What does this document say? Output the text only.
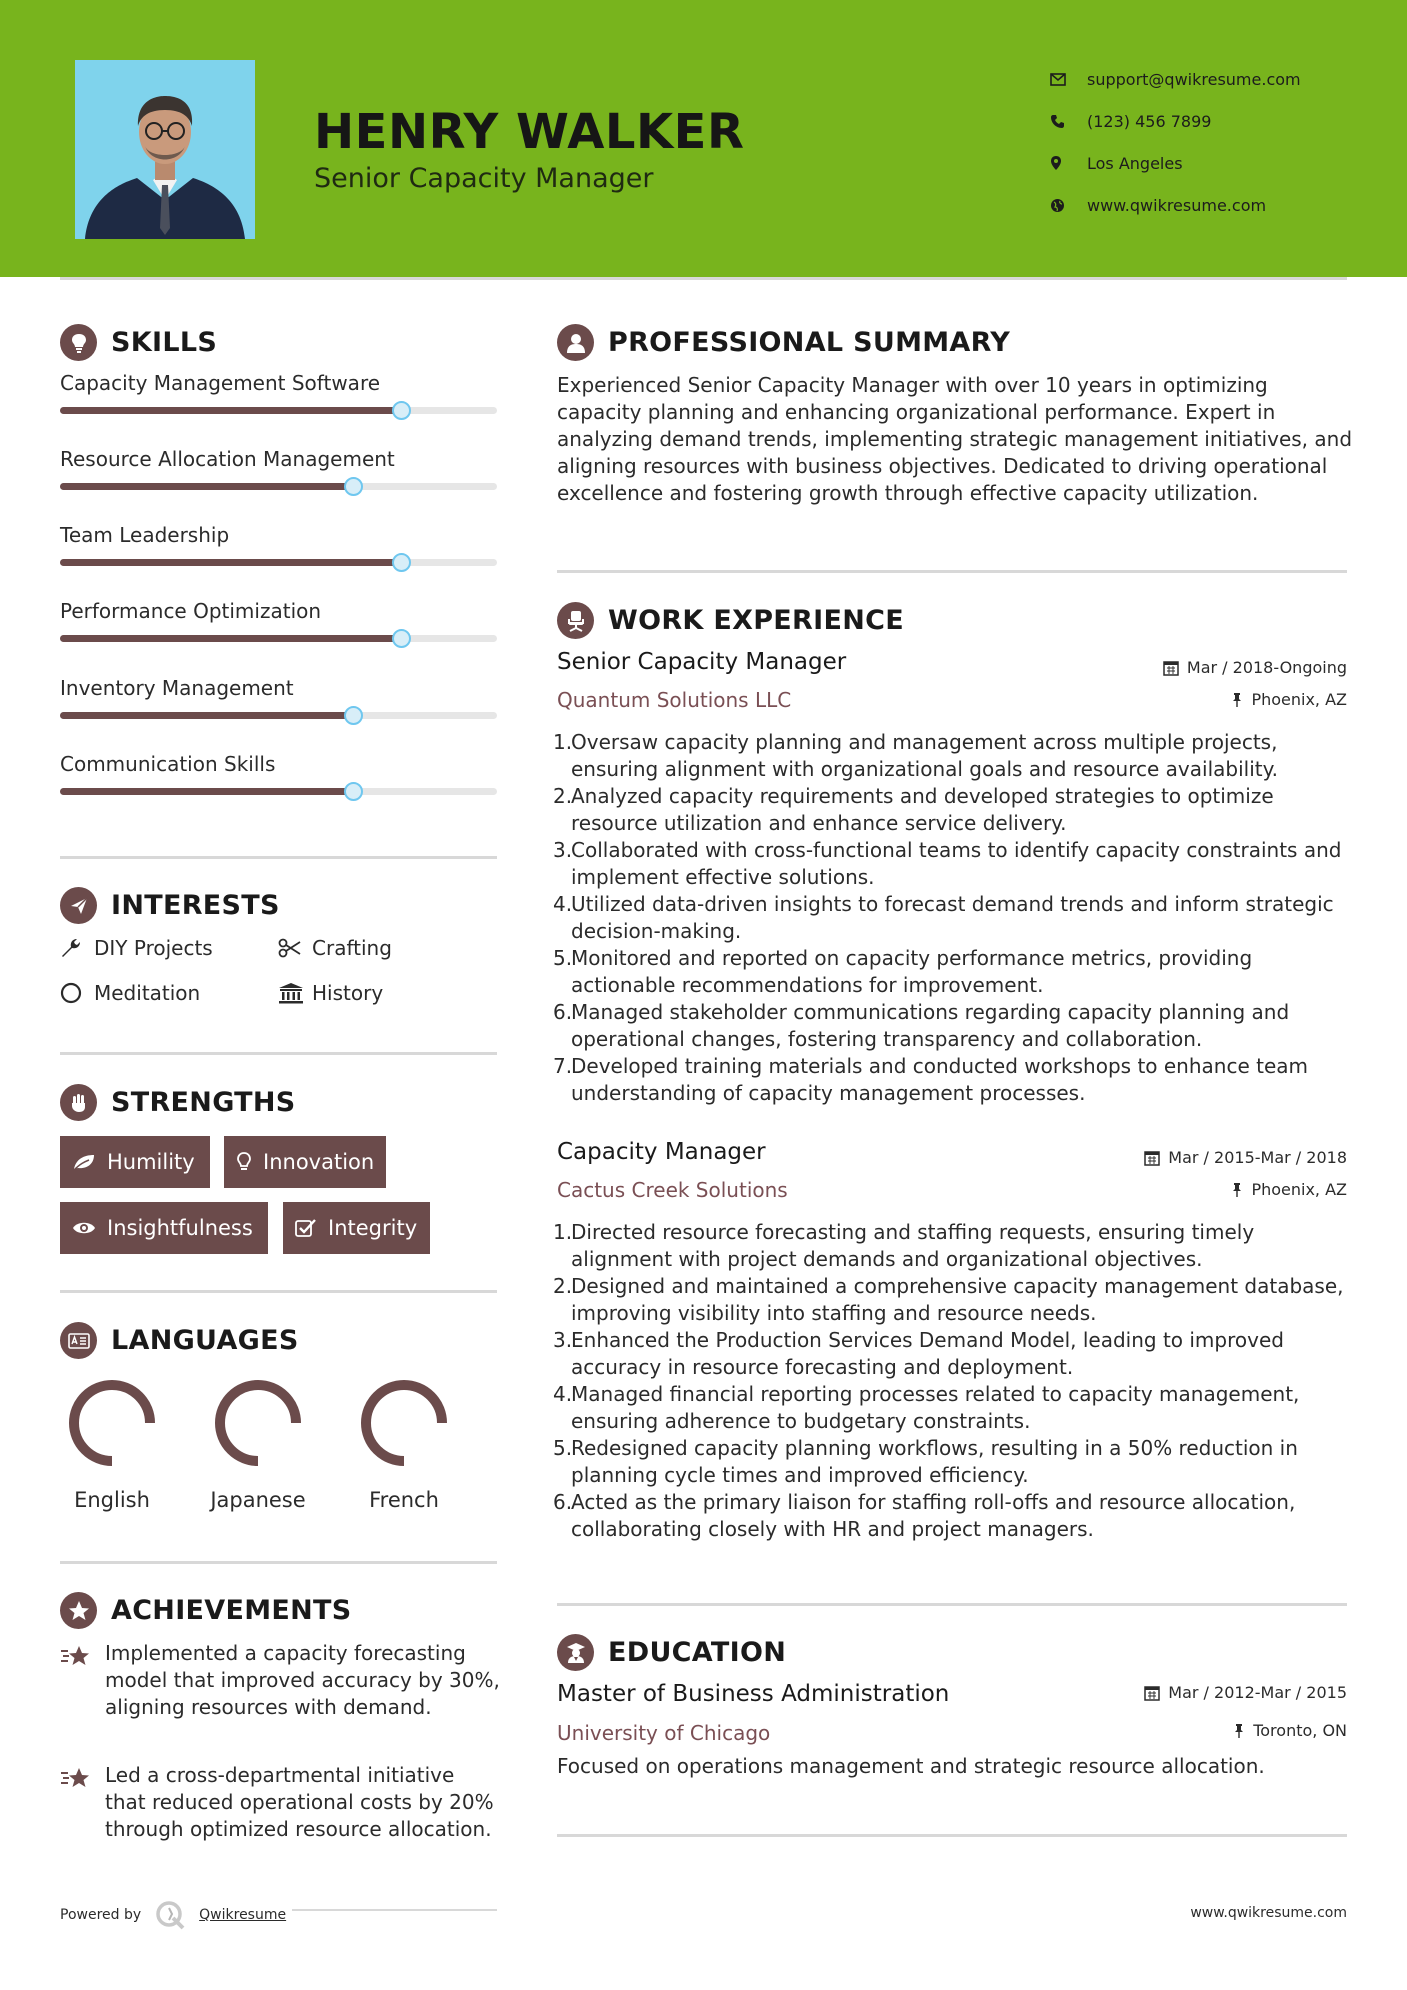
HENRY WALKER
Senior Capacity Manager
support@qwikresume.com
(123) 456 7899
Los Angeles
www.qwikresume.com
SKILLS
Capacity Management Software
Resource Allocation Management
Team Leadership
Performance Optimization
Inventory Management
Communication Skills
INTERESTS
DIY Projects	Crafting
Meditation	History
STRENGTHS
Humility	Innovation
Insightfulness	Integrity
LANGUAGES
English	Japanese	French
ACHIEVEMENTS
Implemented a capacity forecasting model that improved accuracy by 30%, aligning resources with demand.
Led a cross-departmental initiative that reduced operational costs by 20% through optimized resource allocation.
PROFESSIONAL SUMMARY
Experienced Senior Capacity Manager with over 10 years in optimizing capacity planning and enhancing organizational performance. Expert in analyzing demand trends, implementing strategic management initiatives, and aligning resources with business objectives. Dedicated to driving operational excellence and fostering growth through effective capacity utilization.
WORK EXPERIENCE
Senior Capacity Manager	Mar / 2018-Ongoing
Quantum Solutions LLC	Phoenix, AZ
1.
Oversaw capacity planning and management across multiple projects, ensuring alignment with organizational goals and resource availability.
2.
Analyzed capacity requirements and developed strategies to optimize resource utilization and enhance service delivery.
3.
Collaborated with cross-functional teams to identify capacity constraints and implement effective solutions.
4.
Utilized data-driven insights to forecast demand trends and inform strategic decision-making.
5.
Monitored and reported on capacity performance metrics, providing actionable recommendations for improvement.
6.
Managed stakeholder communications regarding capacity planning and operational changes, fostering transparency and collaboration.
7.
Developed training materials and conducted workshops to enhance team understanding of capacity management processes.
Capacity Manager	Mar / 2015-Mar / 2018
Cactus Creek Solutions	Phoenix, AZ
1.
Directed resource forecasting and staffing requests, ensuring timely alignment with project demands and organizational objectives.
2.
Designed and maintained a comprehensive capacity management database, improving visibility into staffing and resource needs.
3.
Enhanced the Production Services Demand Model, leading to improved accuracy in resource forecasting and deployment.
4.
Managed financial reporting processes related to capacity management, ensuring adherence to budgetary constraints.
5.
Redesigned capacity planning workflows, resulting in a 50% reduction in planning cycle times and improved efficiency.
6.
Acted as the primary liaison for staffing roll-offs and resource allocation, collaborating closely with HR and project managers.
EDUCATION
Master of Business Administration	Mar / 2012-Mar / 2015
University of Chicago	Toronto, ON
Focused on operations management and strategic resource allocation.
Powered by	Qwikresume	www.qwikresume.com
